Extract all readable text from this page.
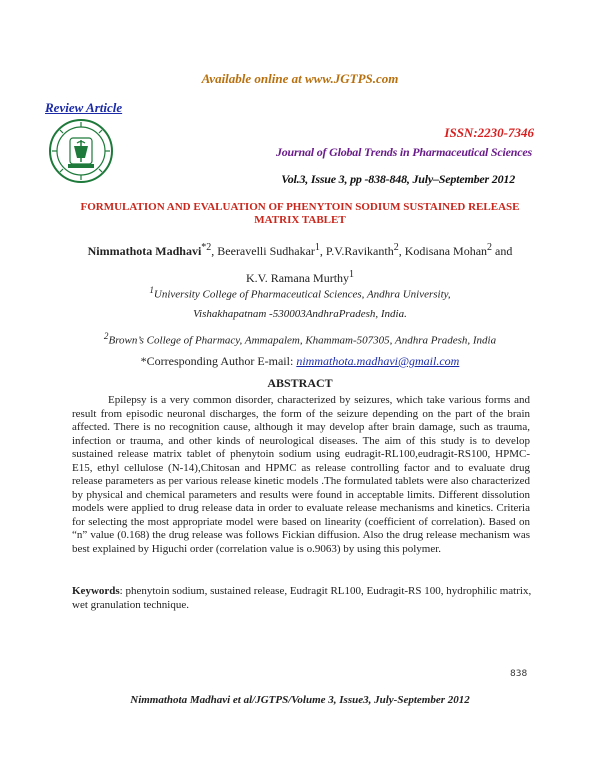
Available online at www.JGTPS.com
Review Article
ISSN:2230-7346
Journal of Global Trends in Pharmaceutical Sciences
Vol.3, Issue 3, pp -838-848, July–September 2012
FORMULATION AND EVALUATION OF PHENYTOIN SODIUM SUSTAINED RELEASE MATRIX TABLET
Nimmathota Madhavi$^{*2}$, Beeravelli Sudhakar$^1$, P.V.Ravikanth$^2$, Kodisana Mohan$^2$ and
K.V. Ramana Murthy$^1$
$^1$University College of Pharmaceutical Sciences, Andhra University,
Vishakhapatnam -530003AndhraPradesh, India.
$^2$Brown’s College of Pharmacy, Ammapalem, Khammam-507305, Andhra Pradesh, India
*Corresponding Author E-mail: nimmathota.madhavi@gmail.com
ABSTRACT

Epilepsy is a very common disorder, characterized by seizures, which take various forms and result from episodic neuronal discharges, the form of the seizure depending on the part of the brain affected. There is no recognition cause, although it may develop after brain damage, such as trauma, infection or trauma, and other kinds of neurological diseases. The aim of this study is to develop sustained release matrix tablet of phenytoin sodium using eudragit-RL100,eudragit-RS100, HPMC-E15, ethyl cellulose (N-14),Chitosan and HPMC as release controlling factor and to evaluate drug release parameters as per various release kinetic models .The formulated tablets were also characterized by physical and chemical parameters and results were found in acceptable limits. Different dissolution models were applied to drug release data in order to evaluate release mechanisms and kinetics. Criteria for selecting the most appropriate model were based on linearity (coefficient of correlation). Based on “n” value (0.168) the drug release was follows Fickian diffusion. Also the drug release mechanism was best explained by Higuchi order (correlation value is o.9063) by using this polymer.

Keywords: phenytoin sodium, sustained release, Eudragit RL100, Eudragit-RS 100, hydrophilic matrix, wet granulation technique.

838
Nimmathota Madhavi et al/JGTPS/Volume 3, Issue3, July-September 2012
